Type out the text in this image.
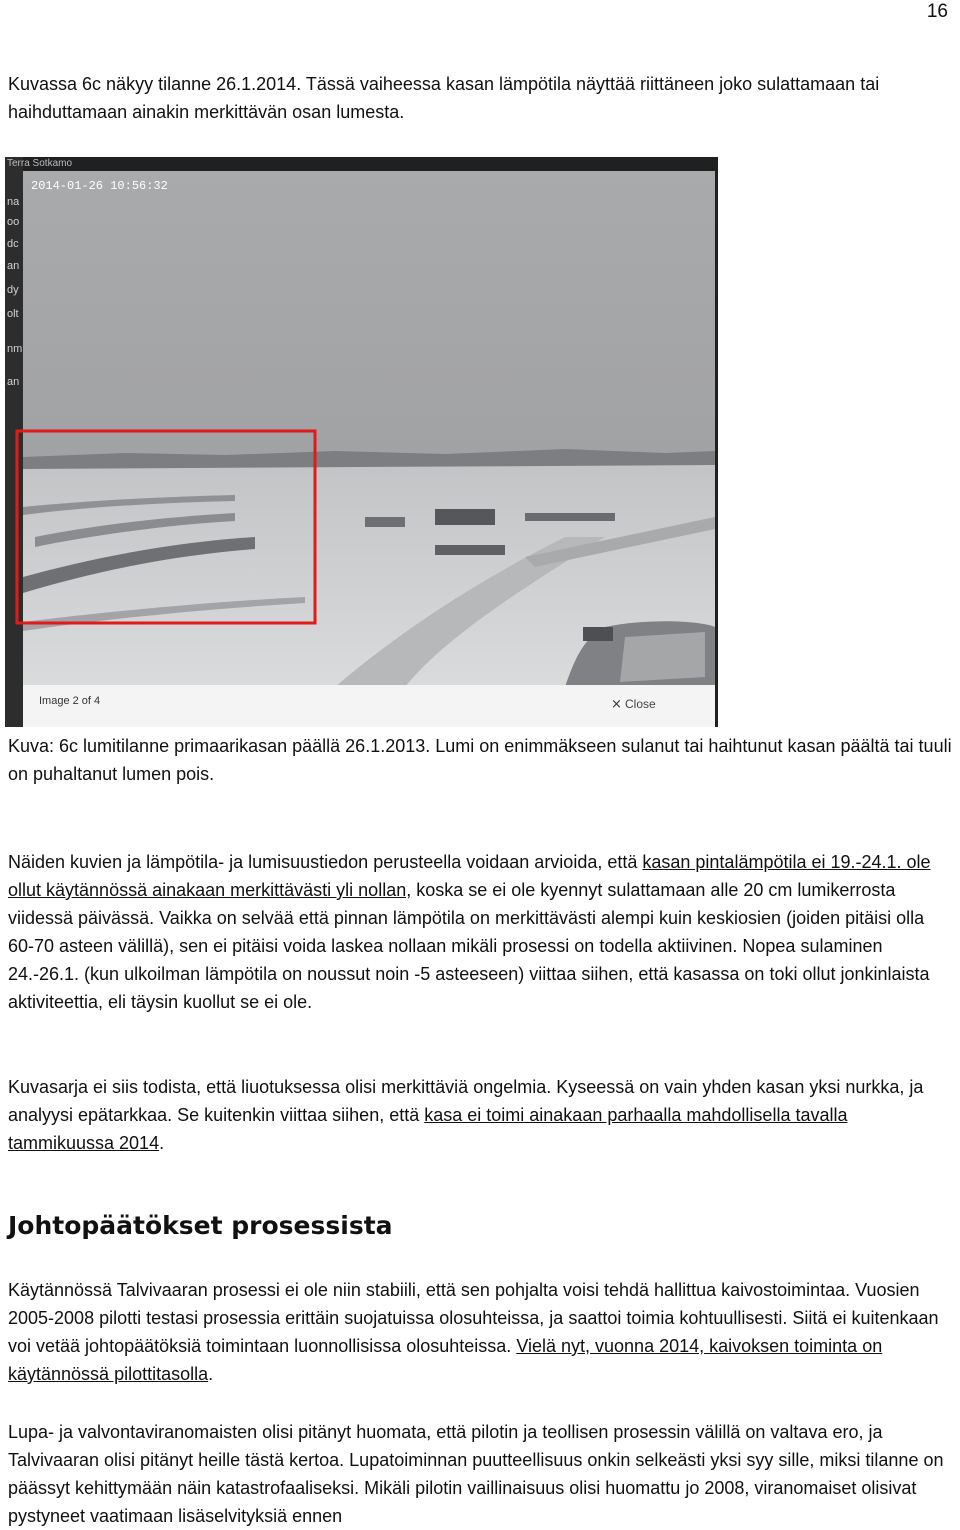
16

Kuvassa 6c näkyy tilanne 26.1.2014. Tässä vaiheessa kasan lämpötila näyttää riittäneen joko sulattamaan tai haihduttamaan ainakin merkittävän osan lumesta.

na
oo
dc
an
dy
olt
nm
an
Terra Sotkamo
2014-01-26 10:56:32
Image 2 of 4	× Close

Kuva: 6c lumitilanne primaarikasan päällä 26.1.2013. Lumi on enimmäkseen sulanut tai haihtunut kasan päältä tai tuuli on puhaltanut lumen pois.

Näiden kuvien ja lämpötila- ja lumisuustiedon perusteella voidaan arvioida, että kasan pintalämpötila ei 19.-24.1. ole ollut käytännössä ainakaan merkittävästi yli nollan, koska se ei ole kyennyt sulattamaan alle 20 cm lumikerrosta viidessä päivässä. Vaikka on selvää että pinnan lämpötila on merkittävästi alempi kuin keskiosien (joiden pitäisi olla 60-70 asteen välillä), sen ei pitäisi voida laskea nollaan mikäli prosessi on todella aktiivinen. Nopea sulaminen 24.-26.1. (kun ulkoilman lämpötila on noussut noin -5 asteeseen) viittaa siihen, että kasassa on toki ollut jonkinlaista aktiviteettia, eli täysin kuollut se ei ole.

Kuvasarja ei siis todista, että liuotuksessa olisi merkittäviä ongelmia. Kyseessä on vain yhden kasan yksi nurkka, ja analyysi epätarkkaa. Se kuitenkin viittaa siihen, että kasa ei toimi ainakaan parhaalla mahdollisella tavalla tammikuussa 2014.

Johtopäätökset prosessista

Käytännössä Talvivaaran prosessi ei ole niin stabiili, että sen pohjalta voisi tehdä hallittua kaivostoimintaa. Vuosien 2005-2008 pilotti testasi prosessia erittäin suojatuissa olosuhteissa, ja saattoi toimia kohtuullisesti. Siitä ei kuitenkaan voi vetää johtopäätöksiä toimintaan luonnollisissa olosuhteissa. Vielä nyt, vuonna 2014, kaivoksen toiminta on käytännössä pilottitasolla.

Lupa- ja valvontaviranomaisten olisi pitänyt huomata, että pilotin ja teollisen prosessin välillä on valtava ero, ja Talvivaaran olisi pitänyt heille tästä kertoa. Lupatoiminnan puutteellisuus onkin selkeästi yksi syy sille, miksi tilanne on päässyt kehittymään näin katastrofaaliseksi. Mikäli pilotin vaillinaisuus olisi huomattu jo 2008, viranomaiset olisivat pystyneet vaatimaan lisäselvityksiä ennen
